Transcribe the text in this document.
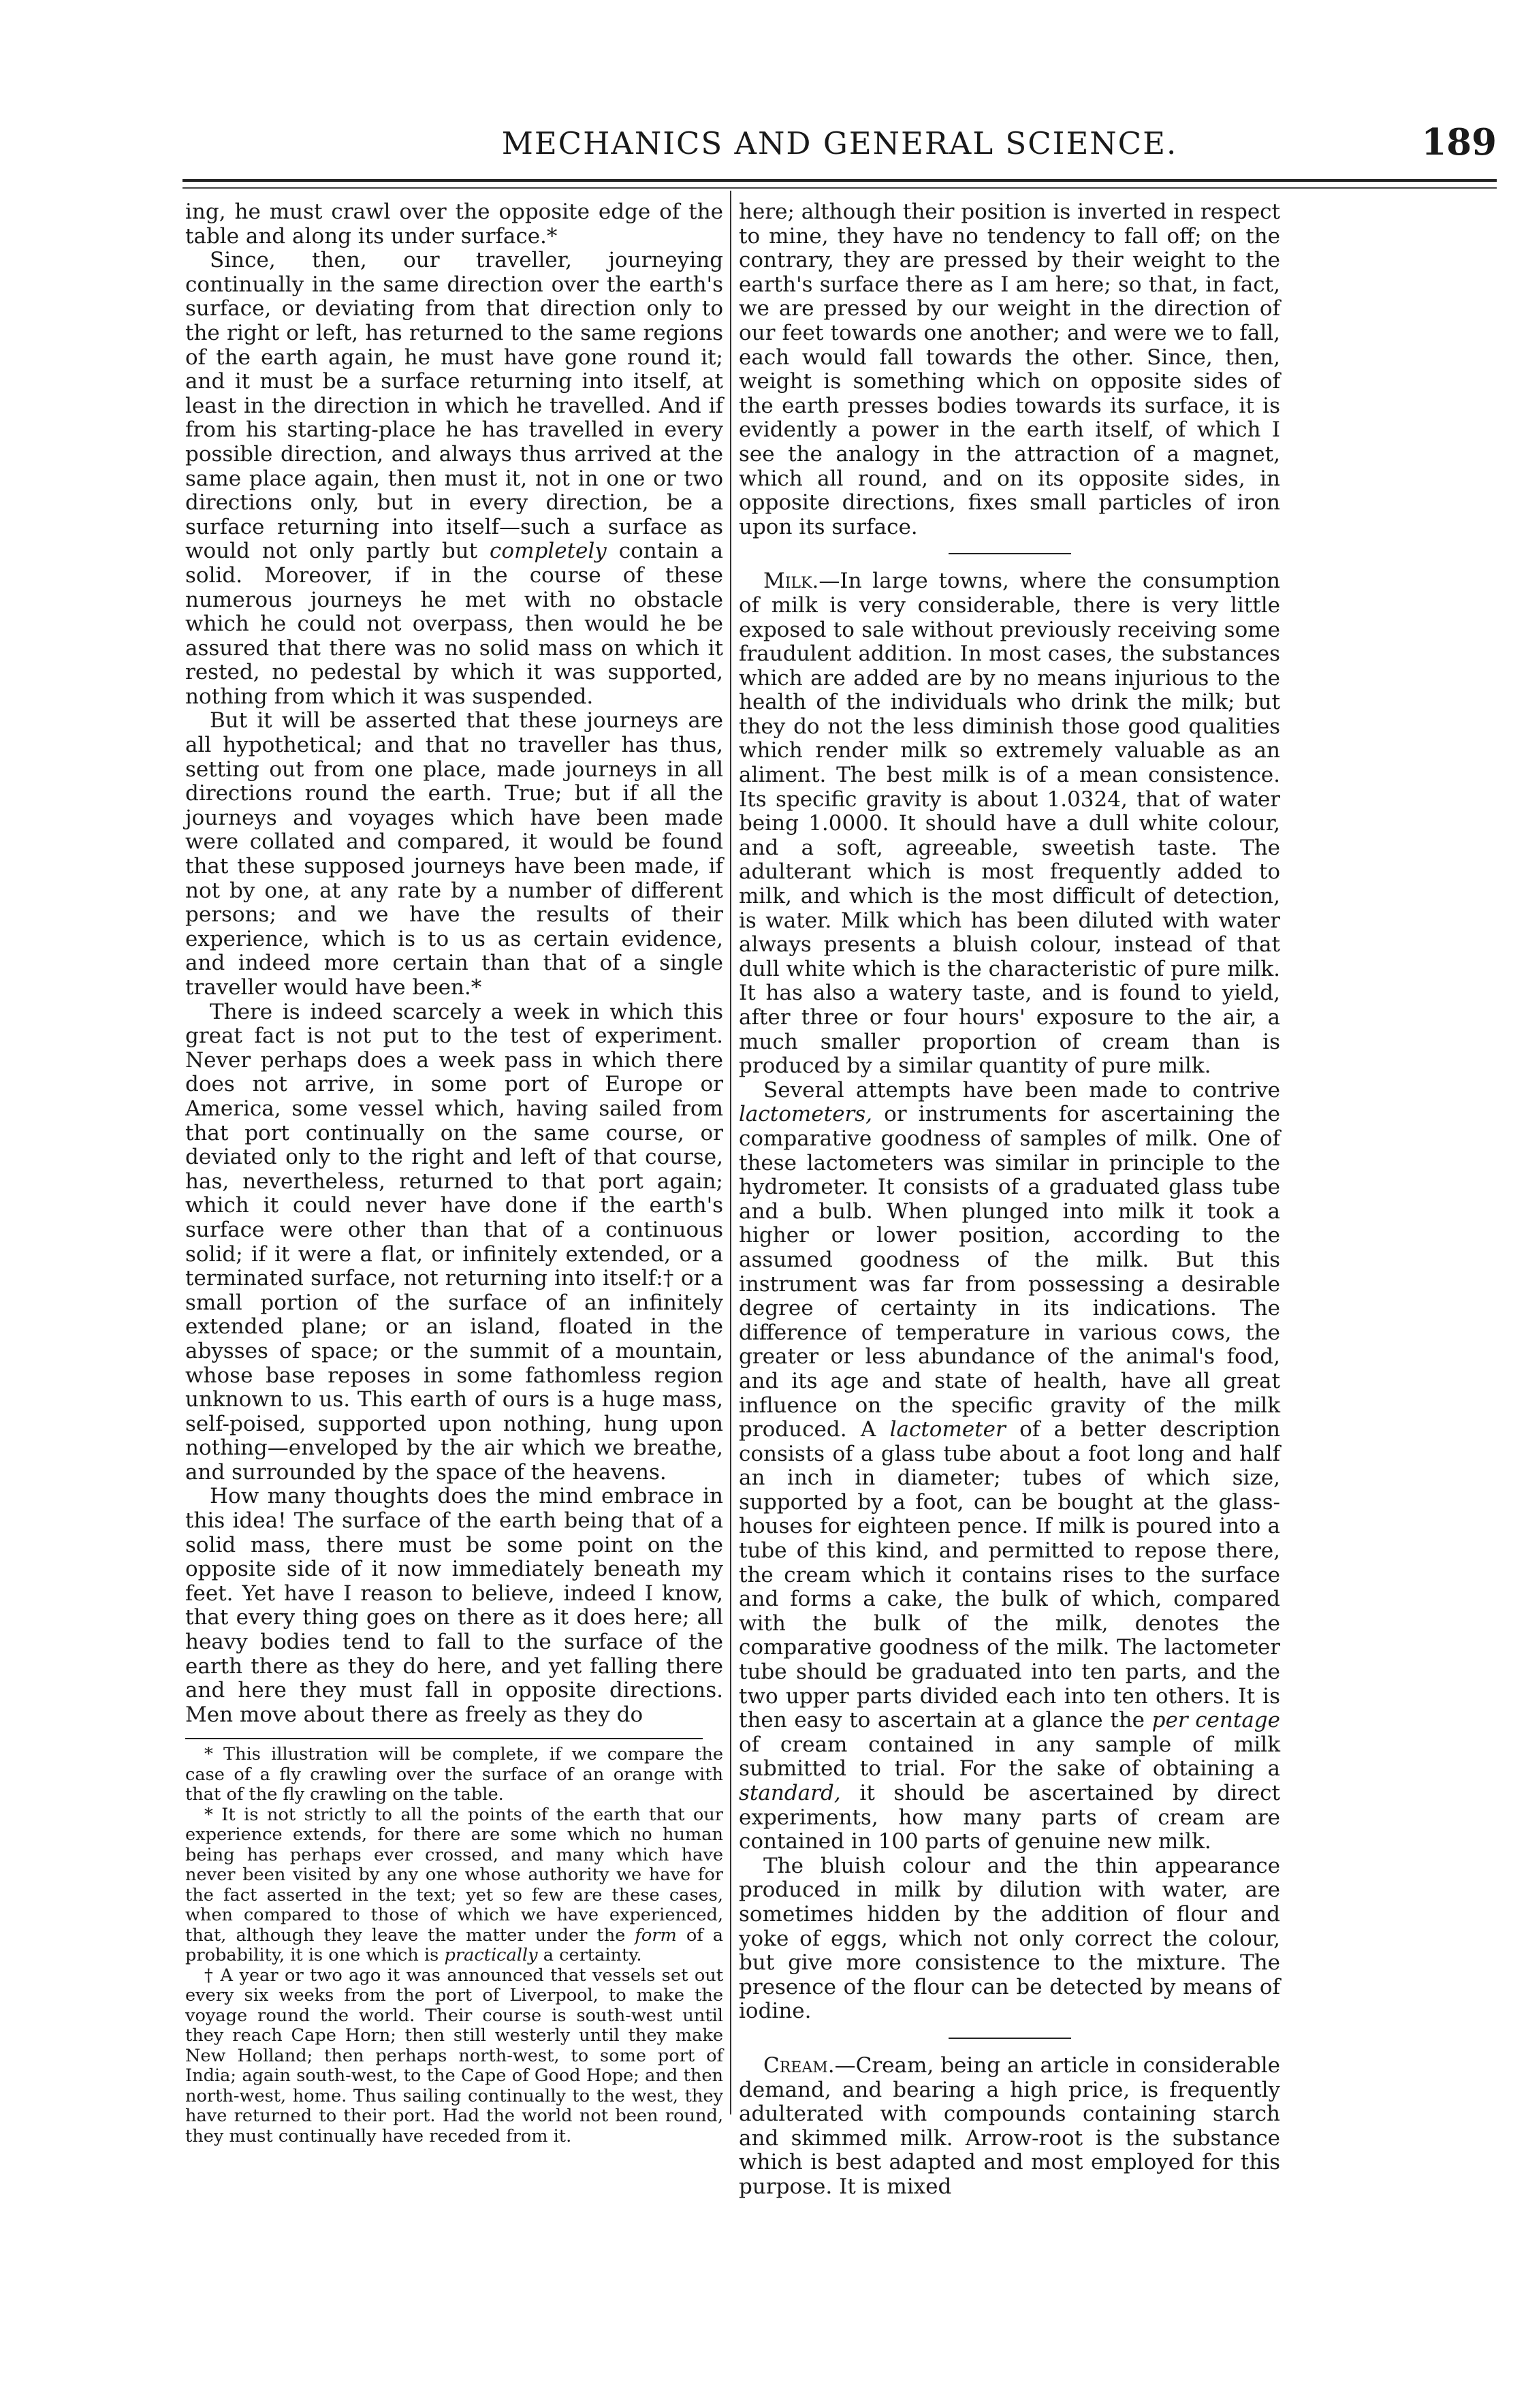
MECHANICS AND GENERAL SCIENCE.	189

ing, he must crawl over the opposite edge of the table and along its under surface.*

Since, then, our traveller, journeying continually in the same direction over the earth's surface, or deviating from that direction only to the right or left, has returned to the same regions of the earth again, he must have gone round it; and it must be a surface returning into itself, at least in the direction in which he travelled. And if from his starting-place he has travelled in every possible direction, and always thus arrived at the same place again, then must it, not in one or two directions only, but in every direction, be a surface returning into itself—such a surface as would not only partly but completely contain a solid. Moreover, if in the course of these numerous journeys he met with no obstacle which he could not overpass, then would he be assured that there was no solid mass on which it rested, no pedestal by which it was supported, nothing from which it was suspended.

But it will be asserted that these journeys are all hypothetical; and that no traveller has thus, setting out from one place, made journeys in all directions round the earth. True; but if all the journeys and voyages which have been made were collated and compared, it would be found that these supposed journeys have been made, if not by one, at any rate by a number of different persons; and we have the results of their experience, which is to us as certain evidence, and indeed more certain than that of a single traveller would have been.*

There is indeed scarcely a week in which this great fact is not put to the test of experiment. Never perhaps does a week pass in which there does not arrive, in some port of Europe or America, some vessel which, having sailed from that port continually on the same course, or deviated only to the right and left of that course, has, nevertheless, returned to that port again; which it could never have done if the earth's surface were other than that of a continuous solid; if it were a flat, or infinitely extended, or a terminated surface, not returning into itself:† or a small portion of the surface of an infinitely extended plane; or an island, floated in the abysses of space; or the summit of a mountain, whose base reposes in some fathomless region unknown to us. This earth of ours is a huge mass, self-poised, supported upon nothing, hung upon nothing—enveloped by the air which we breathe, and surrounded by the space of the heavens.

How many thoughts does the mind embrace in this idea! The surface of the earth being that of a solid mass, there must be some point on the opposite side of it now immediately beneath my feet. Yet have I reason to believe, indeed I know, that every thing goes on there as it does here; all heavy bodies tend to fall to the surface of the earth there as they do here, and yet falling there and here they must fall in opposite directions. Men move about there as freely as they do

* This illustration will be complete, if we compare the case of a fly crawling over the surface of an orange with that of the fly crawling on the table.

* It is not strictly to all the points of the earth that our experience extends, for there are some which no human being has perhaps ever crossed, and many which have never been visited by any one whose authority we have for the fact asserted in the text; yet so few are these cases, when compared to those of which we have experienced, that, although they leave the matter under the form of a probability, it is one which is practically a certainty.

† A year or two ago it was announced that vessels set out every six weeks from the port of Liverpool, to make the voyage round the world. Their course is south-west until they reach Cape Horn; then still westerly until they make New Holland; then perhaps north-west, to some port of India; again south-west, to the Cape of Good Hope; and then north-west, home. Thus sailing continually to the west, they have returned to their port. Had the world not been round, they must continually have receded from it.

here; although their position is inverted in respect to mine, they have no tendency to fall off; on the contrary, they are pressed by their weight to the earth's surface there as I am here; so that, in fact, we are pressed by our weight in the direction of our feet towards one another; and were we to fall, each would fall towards the other. Since, then, weight is something which on opposite sides of the earth presses bodies towards its surface, it is evidently a power in the earth itself, of which I see the analogy in the attraction of a magnet, which all round, and on its opposite sides, in opposite directions, fixes small particles of iron upon its surface.

Milk.—In large towns, where the consumption of milk is very considerable, there is very little exposed to sale without previously receiving some fraudulent addition. In most cases, the substances which are added are by no means injurious to the health of the individuals who drink the milk; but they do not the less diminish those good qualities which render milk so extremely valuable as an aliment. The best milk is of a mean consistence. Its specific gravity is about 1.0324, that of water being 1.0000. It should have a dull white colour, and a soft, agreeable, sweetish taste. The adulterant which is most frequently added to milk, and which is the most difficult of detection, is water. Milk which has been diluted with water always presents a bluish colour, instead of that dull white which is the characteristic of pure milk. It has also a watery taste, and is found to yield, after three or four hours' exposure to the air, a much smaller proportion of cream than is produced by a similar quantity of pure milk.

Several attempts have been made to contrive lactometers, or instruments for ascertaining the comparative goodness of samples of milk. One of these lactometers was similar in principle to the hydrometer. It consists of a graduated glass tube and a bulb. When plunged into milk it took a higher or lower position, according to the assumed goodness of the milk. But this instrument was far from possessing a desirable degree of certainty in its indications. The difference of temperature in various cows, the greater or less abundance of the animal's food, and its age and state of health, have all great influence on the specific gravity of the milk produced. A lactometer of a better description consists of a glass tube about a foot long and half an inch in diameter; tubes of which size, supported by a foot, can be bought at the glass-houses for eighteen pence. If milk is poured into a tube of this kind, and permitted to repose there, the cream which it contains rises to the surface and forms a cake, the bulk of which, compared with the bulk of the milk, denotes the comparative goodness of the milk. The lactometer tube should be graduated into ten parts, and the two upper parts divided each into ten others. It is then easy to ascertain at a glance the per centage of cream contained in any sample of milk submitted to trial. For the sake of obtaining a standard, it should be ascertained by direct experiments, how many parts of cream are contained in 100 parts of genuine new milk.

The bluish colour and the thin appearance produced in milk by dilution with water, are sometimes hidden by the addition of flour and yoke of eggs, which not only correct the colour, but give more consistence to the mixture. The presence of the flour can be detected by means of iodine.

Cream.—Cream, being an article in considerable demand, and bearing a high price, is frequently adulterated with compounds containing starch and skimmed milk. Arrow-root is the substance which is best adapted and most employed for this purpose. It is mixed
